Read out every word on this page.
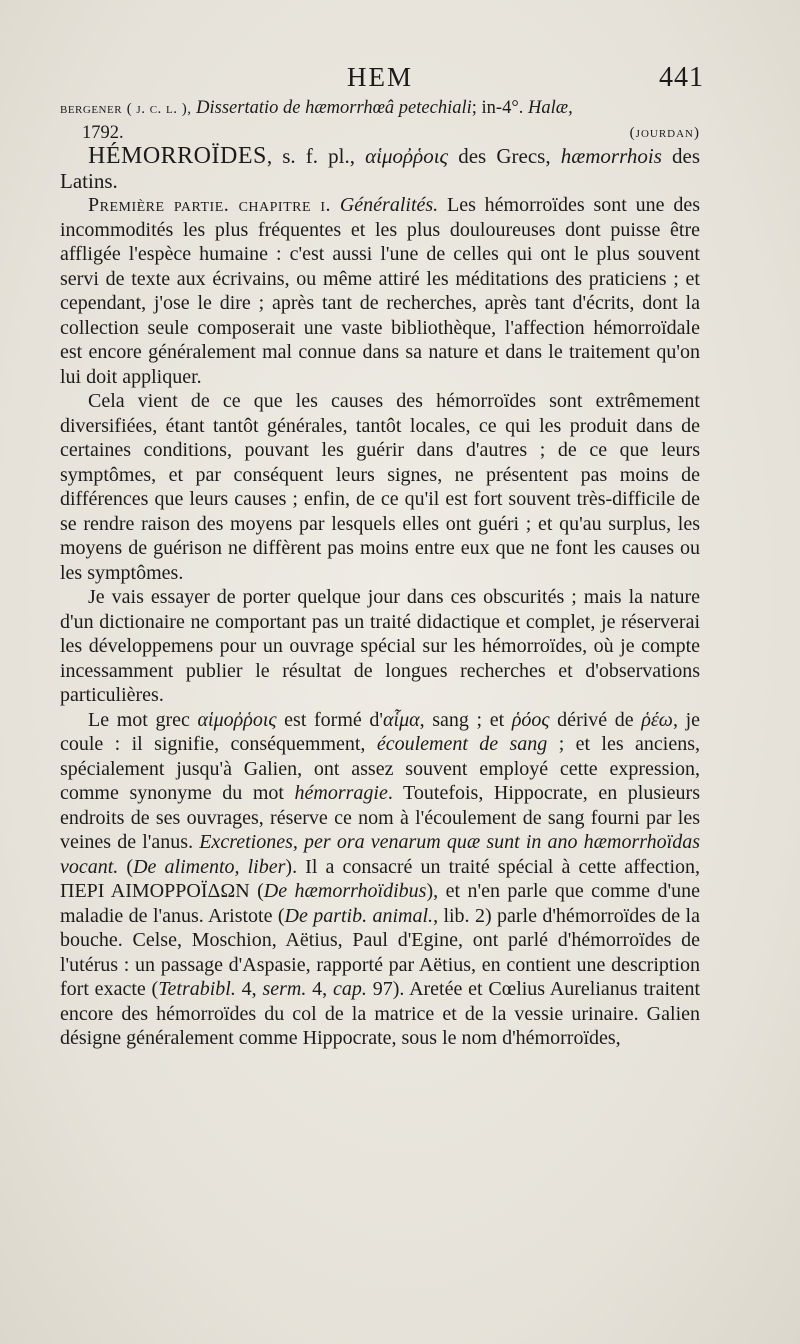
HEM	441
bergener ( j. c. l. ), Dissertatio de hæmorrhœâ petechiali; in-4°. Halæ,
1792.	(jourdan)

HÉMORROÏDES, s. f. pl., αἱμοῤῥοις des Grecs, hæmorrhois des Latins.

Première partie. chapitre i. Généralités. Les hémorroïdes sont une des incommodités les plus fréquentes et les plus douloureuses dont puisse être affligée l'espèce humaine : c'est aussi l'une de celles qui ont le plus souvent servi de texte aux écrivains, ou même attiré les méditations des praticiens ; et cependant, j'ose le dire ; après tant de recherches, après tant d'écrits, dont la collection seule composerait une vaste bibliothèque, l'affection hémorroïdale est encore généralement mal connue dans sa nature et dans le traitement qu'on lui doit appliquer.

Cela vient de ce que les causes des hémorroïdes sont extrêmement diversifiées, étant tantôt générales, tantôt locales, ce qui les produit dans de certaines conditions, pouvant les guérir dans d'autres ; de ce que leurs symptômes, et par conséquent leurs signes, ne présentent pas moins de différences que leurs causes ; enfin, de ce qu'il est fort souvent très-difficile de se rendre raison des moyens par lesquels elles ont guéri ; et qu'au surplus, les moyens de guérison ne diffèrent pas moins entre eux que ne font les causes ou les symptômes.

Je vais essayer de porter quelque jour dans ces obscurités ; mais la nature d'un dictionaire ne comportant pas un traité didactique et complet, je réserverai les développemens pour un ouvrage spécial sur les hémorroïdes, où je compte incessamment publier le résultat de longues recherches et d'observations particulières.

Le mot grec αἱμοῤῥοις est formé d'αἷμα, sang ; et ῥόος dérivé de ῥέω, je coule : il signifie, conséquemment, écoulement de sang ; et les anciens, spécialement jusqu'à Galien, ont assez souvent employé cette expression, comme synonyme du mot hémorragie. Toutefois, Hippocrate, en plusieurs endroits de ses ouvrages, réserve ce nom à l'écoulement de sang fourni par les veines de l'anus. Excretiones, per ora venarum quæ sunt in ano hæmorrhoïdas vocant. (De alimento, liber). Il a consacré un traité spécial à cette affection, ΠΕΡΙ ΑΙΜΟΡΡΟΪΔΩΝ (De hæmorrhoïdibus), et n'en parle que comme d'une maladie de l'anus. Aristote (De partib. animal., lib. 2) parle d'hémorroïdes de la bouche. Celse, Moschion, Aëtius, Paul d'Egine, ont parlé d'hémorroïdes de l'utérus : un passage d'Aspasie, rapporté par Aëtius, en contient une description fort exacte (Tetrabibl. 4, serm. 4, cap. 97). Aretée et Cœlius Aurelianus traitent encore des hémorroïdes du col de la matrice et de la vessie urinaire. Galien désigne généralement comme Hippocrate, sous le nom d'hémorroïdes,
